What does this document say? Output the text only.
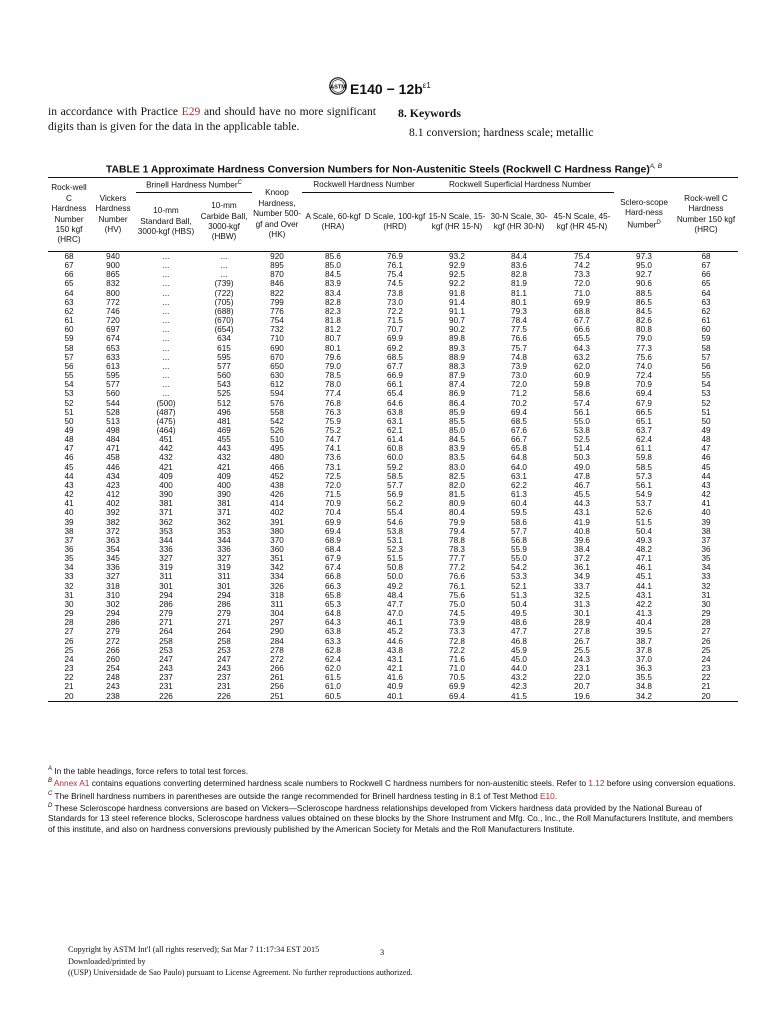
ASTM $E140 - 12b^{\varepsilon 1}$
in accordance with Practice E29 and should have no more significant digits than is given for the data in the applicable table.
8. Keywords
8.1 conversion; hardness scale; metallic
TABLE 1 Approximate Hardness Conversion Numbers for Non-Austenitic Steels (Rockwell C Hardness Range)$^{A, B}$
Rock-well C Hardness Number 150 kgf (HRC)	Vickers Hardness Number (HV)	Brinell Hardness Number$^C$		Knoop Hardness, Number 500-gf and Over (HK)	Rockwell Hardness Number		Rockwell Superficial Hardness Number			Sclero-scope Hard-ness Number$^D$	Rock-well C Hardness Number 150 kgf (HRC)
		10-mm Standard Ball, 3000-kgf (HBS)	10-mm Carbide Ball, 3000-kgf (HBW)		A Scale, 60-kgf (HRA)	D Scale, 100-kgf (HRD)	15-N Scale, 15-kgf (HR 15-N)	30-N Scale, 30-kgf (HR 30-N)	45-N Scale, 45-kgf (HR 45-N)		
68	940	...	...	920	85.6	76.9	93.2	84.4	75.4	97.3	68
67	900	...	...	895	85.0	76.1	92.9	83.6	74.2	95.0	67
66	865	...	...	870	84.5	75.4	92.5	82.8	73.3	92.7	66
65	832	...	(739)	846	83.9	74.5	92.2	81.9	72.0	90.6	65
64	800	...	(722)	822	83.4	73.8	91.8	81.1	71.0	88.5	64
63	772	...	(705)	799	82.8	73.0	91.4	80.1	69.9	86.5	63
62	746	...	(688)	776	82.3	72.2	91.1	79.3	68.8	84.5	62
61	720	...	(670)	754	81.8	71.5	90.7	78.4	67.7	82.6	61
60	697	...	(654)	732	81.2	70.7	90.2	77.5	66.6	80.8	60
59	674	...	634	710	80.7	69.9	89.8	76.6	65.5	79.0	59
58	653	...	615	690	80.1	69.2	89.3	75.7	64.3	77.3	58
57	633	...	595	670	79.6	68.5	88.9	74.8	63.2	75.6	57
56	613	...	577	650	79.0	67.7	88.3	73.9	62.0	74.0	56
55	595	...	560	630	78.5	66.9	87.9	73.0	60.9	72.4	55
54	577	...	543	612	78.0	66.1	87.4	72.0	59.8	70.9	54
53	560	...	525	594	77.4	65.4	86.9	71.2	58.6	69.4	53
52	544	(500)	512	576	76.8	64.6	86.4	70.2	57.4	67.9	52
51	528	(487)	496	558	76.3	63.8	85.9	69.4	56.1	66.5	51
50	513	(475)	481	542	75.9	63.1	85.5	68.5	55.0	65.1	50
49	498	(464)	469	526	75.2	62.1	85.0	67.6	53.8	63.7	49
48	484	451	455	510	74.7	61.4	84.5	66.7	52.5	62.4	48
47	471	442	443	495	74.1	60.8	83.9	65.8	51.4	61.1	47
46	458	432	432	480	73.6	60.0	83.5	64.8	50.3	59.8	46
45	446	421	421	466	73.1	59.2	83.0	64.0	49.0	58.5	45
44	434	409	409	452	72.5	58.5	82.5	63.1	47.8	57.3	44
43	423	400	400	438	72.0	57.7	82.0	62.2	46.7	56.1	43
42	412	390	390	426	71.5	56.9	81.5	61.3	45.5	54.9	42
41	402	381	381	414	70.9	56.2	80.9	60.4	44.3	53.7	41
40	392	371	371	402	70.4	55.4	80.4	59.5	43.1	52.6	40
39	382	362	362	391	69.9	54.6	79.9	58.6	41.9	51.5	39
38	372	353	353	380	69.4	53.8	79.4	57.7	40.8	50.4	38
37	363	344	344	370	68.9	53.1	78.8	56.8	39.6	49.3	37
36	354	336	336	360	68.4	52.3	78.3	55.9	38.4	48.2	36
35	345	327	327	351	67.9	51.5	77.7	55.0	37.2	47.1	35
34	336	319	319	342	67.4	50.8	77.2	54.2	36.1	46.1	34
33	327	311	311	334	66.8	50.0	76.6	53.3	34.9	45.1	33
32	318	301	301	326	66.3	49.2	76.1	52.1	33.7	44.1	32
31	310	294	294	318	65.8	48.4	75.6	51.3	32.5	43.1	31
30	302	286	286	311	65.3	47.7	75.0	50.4	31.3	42.2	30
29	294	279	279	304	64.8	47.0	74.5	49.5	30.1	41.3	29
28	286	271	271	297	64.3	46.1	73.9	48.6	28.9	40.4	28
27	279	264	264	290	63.8	45.2	73.3	47.7	27.8	39.5	27
26	272	258	258	284	63.3	44.6	72.8	46.8	26.7	38.7	26
25	266	253	253	278	62.8	43.8	72.2	45.9	25.5	37.8	25
24	260	247	247	272	62.4	43.1	71.6	45.0	24.3	37.0	24
23	254	243	243	266	62.0	42.1	71.0	44.0	23.1	36.3	23
22	248	237	237	261	61.5	41.6	70.5	43.2	22.0	35.5	22
21	243	231	231	256	61.0	40.9	69.9	42.3	20.7	34.8	21
20	238	226	226	251	60.5	40.1	69.4	41.5	19.6	34.2	20
$^A$ In the table headings, force refers to total test forces.
$^B$ Annex A1 contains equations converting determined hardness scale numbers to Rockwell C hardness numbers for non-austenitic steels. Refer to 1.12 before using conversion equations.
$^C$ The Brinell hardness numbers in parentheses are outside the range recommended for Brinell hardness testing in 8.1 of Test Method E10.
$^D$ These Scleroscope hardness conversions are based on Vickers—Scleroscope hardness relationships developed from Vickers hardness data provided by the National Bureau of Standards for 13 steel reference blocks, Scleroscope hardness values obtained on these blocks by the Shore Instrument and Mfg. Co., Inc., the Roll Manufacturers Institute, and members of this institute, and also on hardness conversions previously published by the American Society for Metals and the Roll Manufacturers Institute.
Copyright by ASTM Int'l (all rights reserved); Sat Mar 7 11:17:34 EST 2015
Downloaded/printed by
((USP) Universidade de Sao Paulo) pursuant to License Agreement. No further reproductions authorized.
3
